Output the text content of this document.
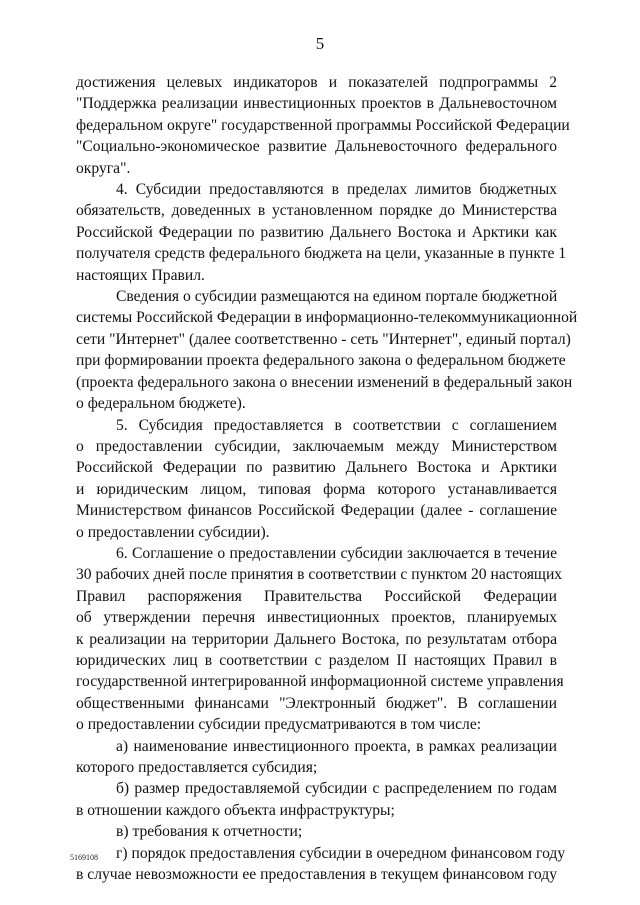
5
достижения целевых индикаторов и показателей подпрограммы 2
"Поддержка реализации инвестиционных проектов в Дальневосточном
федеральном округе" государственной программы Российской Федерации
"Социально-экономическое развитие Дальневосточного федерального
округа".
4. Субсидии предоставляются в пределах лимитов бюджетных
обязательств, доведенных в установленном порядке до Министерства
Российской Федерации по развитию Дальнего Востока и Арктики как
получателя средств федерального бюджета на цели, указанные в пункте 1
настоящих Правил.
Сведения о субсидии размещаются на едином портале бюджетной
системы Российской Федерации в информационно-телекоммуникационной
сети "Интернет" (далее соответственно - сеть "Интернет", единый портал)
при формировании проекта федерального закона о федеральном бюджете
(проекта федерального закона о внесении изменений в федеральный закон
о федеральном бюджете).
5. Субсидия предоставляется в соответствии с соглашением
о предоставлении субсидии, заключаемым между Министерством
Российской Федерации по развитию Дальнего Востока и Арктики
и юридическим лицом, типовая форма которого устанавливается
Министерством финансов Российской Федерации (далее - соглашение
о предоставлении субсидии).
6. Соглашение о предоставлении субсидии заключается в течение
30 рабочих дней после принятия в соответствии с пунктом 20 настоящих
Правил распоряжения Правительства Российской Федерации
об утверждении перечня инвестиционных проектов, планируемых
к реализации на территории Дальнего Востока, по результатам отбора
юридических лиц в соответствии с разделом II настоящих Правил в
государственной интегрированной информационной системе управления
общественными финансами "Электронный бюджет". В соглашении
о предоставлении субсидии предусматриваются в том числе:
а) наименование инвестиционного проекта, в рамках реализации
которого предоставляется субсидия;
б) размер предоставляемой субсидии с распределением по годам
в отношении каждого объекта инфраструктуры;
в) требования к отчетности;
г) порядок предоставления субсидии в очередном финансовом году
в случае невозможности ее предоставления в текущем финансовом году
5169108
